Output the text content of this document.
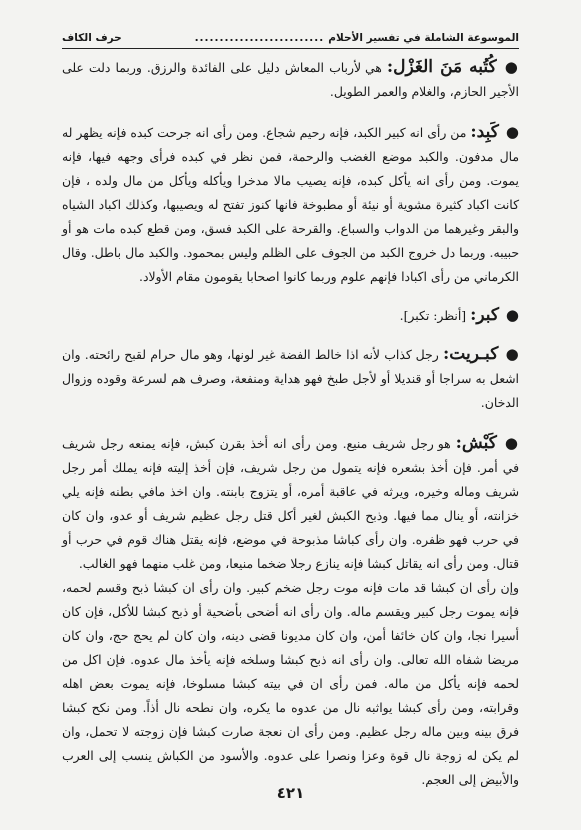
الموسوعة الشاملة في تفسير الأحلام
..........................
حرف الكاف

● كُتُبه مَنَ الغَزْل: هي لأرباب المعاش دليل على الفائدة والرزق. وربما دلت على الأجير الحازم، والغلام والعمر الطويل.

● كَبِد: من رأى انه كبير الكبد، فإنه رحيم شجاع. ومن رأى انه جرحت كبده فإنه يظهر له مال مدفون. والكبد موضع الغضب والرحمة، فمن نظر في كبده فرأى وجهه فيها، فإنه يموت. ومن رأى انه يأكل كبده، فإنه يصيب مالا مدخرا ويأكله ويأكل من مال ولده ، فإن كانت اكباد كثيرة مشوية أو نيئة أو مطبوخة فانها كنوز تفتح له ويصيبها، وكذلك اكباد الشياه والبقر وغيرهما من الدواب والسباع. والقرحة على الكبد فسق، ومن قطع كبده مات هو أو حبيبه. وربما دل خروج الكبد من الجوف على الظلم وليس بمحمود. والكبد مال باطل. وقال الكرماني من رأى اكبادا فإنهم علوم وربما كانوا اصحابا يقومون مقام الأولاد.

● كبر: [أنظر: تكبر].

● كبـريت: رجل كذاب لأنه اذا خالط الفضة غير لونها، وهو مال حرام لقبح رائحته. وان اشعل به سراجا أو قنديلا أو لأجل طبخ فهو هداية ومنفعة، وصرف هم لسرعة وقوده وزوال الدخان.

● كَبْش: هو رجل شريف منيع. ومن رأى انه أخذ بقرن كبش، فإنه يمنعه رجل شريف في أمر. فإن أخذ بشعره فإنه يتمول من رجل شريف، فإن أخذ إليته فإنه يملك أمر رجل شريف وماله وخيره، ويرثه في عاقبة أمره، أو يتزوج بابنته. وان اخذ مافي بطنه فإنه يلي خزانته، أو ينال مما فيها. وذبح الكبش لغير أكل قتل رجل عظيم شريف أو عدو، وان كان في حرب فهو ظفره. وان رأى كباشا مذبوحة في موضع، فإنه يقتل هناك قوم في حرب أو قتال. ومن رأى انه يقاتل كبشا فإنه ينازع رجلا ضخما منيعا، ومن غلب منهما فهو الغالب.

وإن رأى ان كبشا قد مات فإنه موت رجل ضخم كبير. وان رأى ان كبشا ذبح وقسم لحمه، فإنه يموت رجل كبير ويقسم ماله. وان رأى انه أضحى بأضحية أو ذبح كبشا للأكل، فإن كان أسيرا نجا، وان كان خائفا أمن، وان كان مديونا قضى دينه، وان كان لم يحج حج، وان كان مريضا شفاه الله تعالى. وان رأى انه ذبح كبشا وسلخه فإنه يأخذ مال عدوه. فإن اكل من لحمه فإنه يأكل من ماله. فمن رأى ان في بيته كبشا مسلوخا، فإنه يموت بعض اهله وقرابته، ومن رأى كبشا يواثبه نال من عدوه ما يكره، وان نطحه نال أذاً. ومن نكح كبشا فرق بينه وبين ماله رجل عظيم. ومن رأى ان نعجة صارت كبشا فإن زوجته لا تحمل، وان لم يكن له زوجة نال قوة وعزا ونصرا على عدوه. والأسود من الكباش ينسب إلى العرب والأبيض إلى العجم.

٤٢١
